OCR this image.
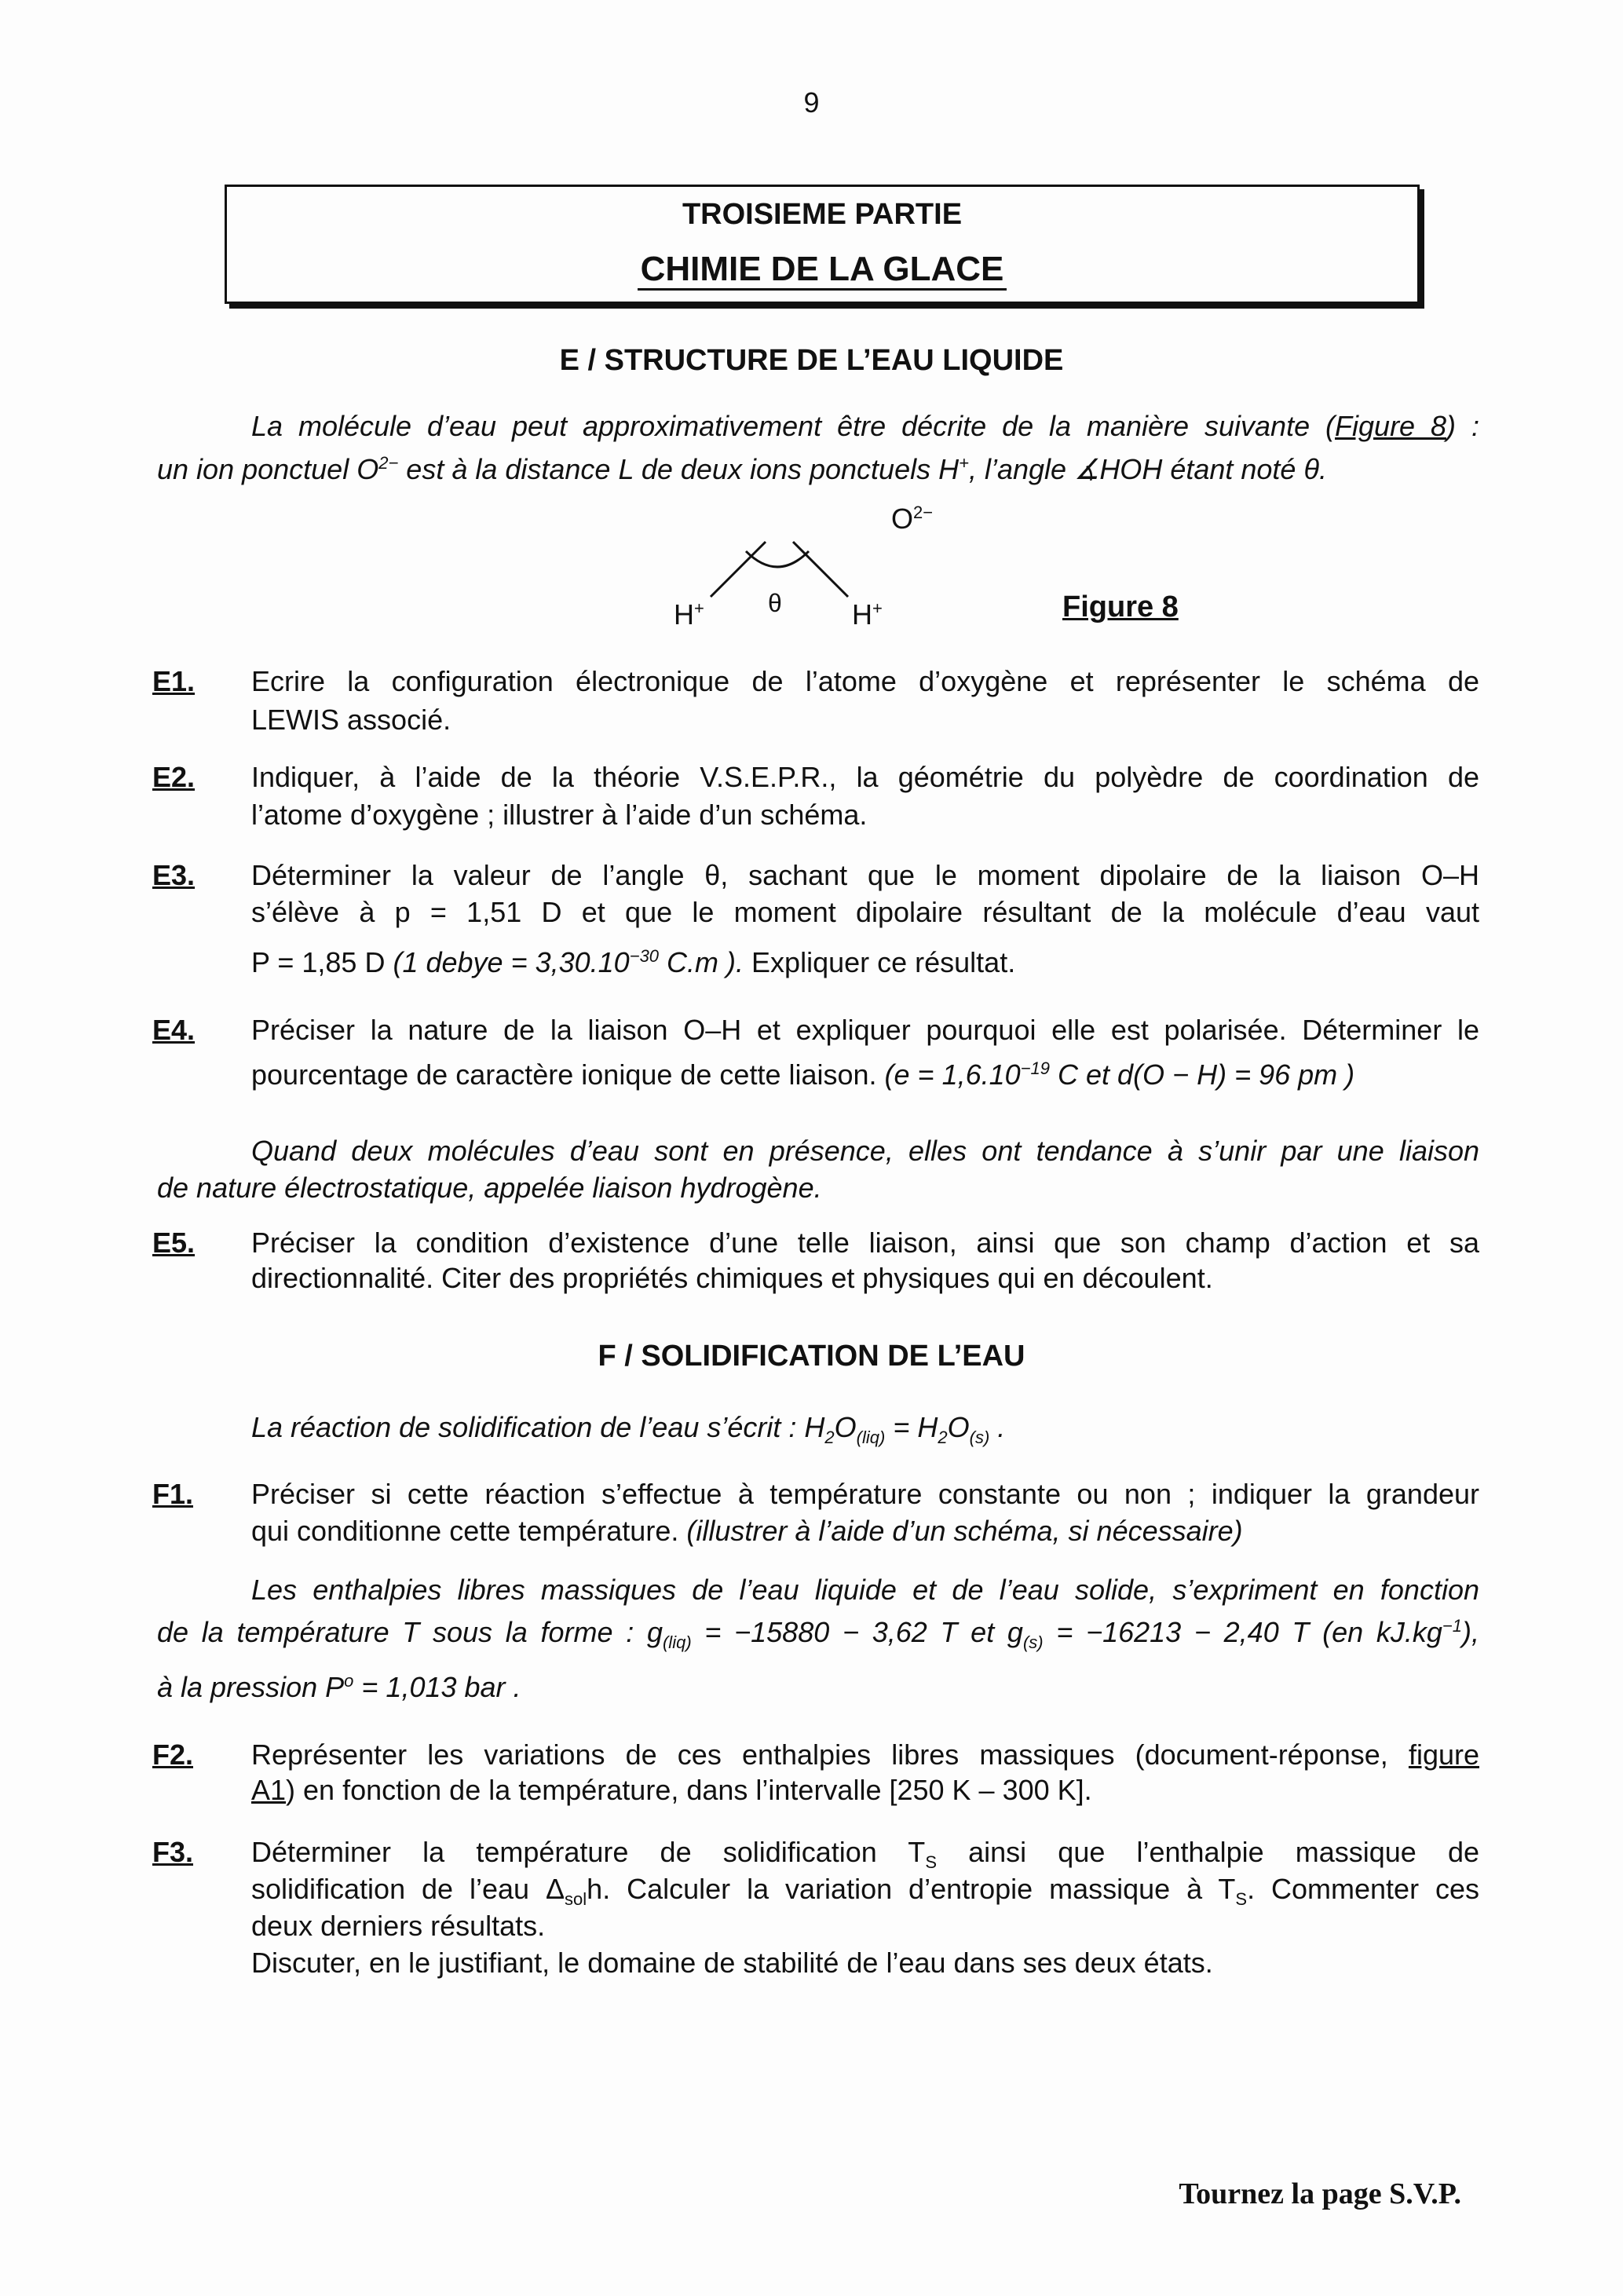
9
TROISIEME PARTIE
CHIMIE DE LA GLACE
E / STRUCTURE DE L’EAU LIQUIDE
La molécule d’eau peut approximativement être décrite de la manière suivante (Figure 8) :
un ion ponctuel $O^{2-}$ est à la distance L de deux ions ponctuels H+, l’angle ∡HOH étant noté θ.
$O^{2-}$
H+	H+
θ	Figure 8
E1. Ecrire la configuration électronique de l’atome d’oxygène et représenter le schéma de
LEWIS associé.
E2. Indiquer, à l’aide de la théorie V.S.E.P.R., la géométrie du polyèdre de coordination de
l’atome d’oxygène ; illustrer à l’aide d’un schéma.
E3. Déterminer la valeur de l’angle θ, sachant que le moment dipolaire de la liaison O–H
s’élève à p = 1,51 D et que le moment dipolaire résultant de la molécule d’eau vaut
P = 1,85 D (1 debye = $3,30.10^{-30}$ C.m ). Expliquer ce résultat.
E4. Préciser la nature de la liaison O–H et expliquer pourquoi elle est polarisée. Déterminer le
pourcentage de caractère ionique de cette liaison. ($e = 1,6.10^{-19}$ C et d(O − H) = 96 pm )
Quand deux molécules d’eau sont en présence, elles ont tendance à s’unir par une liaison
de nature électrostatique, appelée liaison hydrogène.
E5. Préciser la condition d’existence d’une telle liaison, ainsi que son champ d’action et sa
directionnalité. Citer des propriétés chimiques et physiques qui en découlent.
F / SOLIDIFICATION DE L’EAU
La réaction de solidification de l’eau s’écrit : $H_2O_{(liq)} = H_2O_{(s)}$ .
F1. Préciser si cette réaction s’effectue à température constante ou non ; indiquer la grandeur
qui conditionne cette température. (illustrer à l’aide d’un schéma, si nécessaire)
Les enthalpies libres massiques de l’eau liquide et de l’eau solide, s’expriment en fonction
de la température T sous la forme : $g_{(liq)} = -15880 - 3,62$ T et $g_{(s)} = -16213 - 2,40$ T (en $kJ.kg^{-1}$),
à la pression $P^o = 1,013$ bar .
F2. Représenter les variations de ces enthalpies libres massiques (document-réponse, figure
A1) en fonction de la température, dans l’intervalle [250 K – 300 K].
F3. Déterminer la température de solidification $T_S$ ainsi que l’enthalpie massique de
solidification de l’eau $\Delta_{sol}h$. Calculer la variation d’entropie massique à $T_S$. Commenter ces
deux derniers résultats.
Discuter, en le justifiant, le domaine de stabilité de l’eau dans ses deux états.
Tournez la page S.V.P.
